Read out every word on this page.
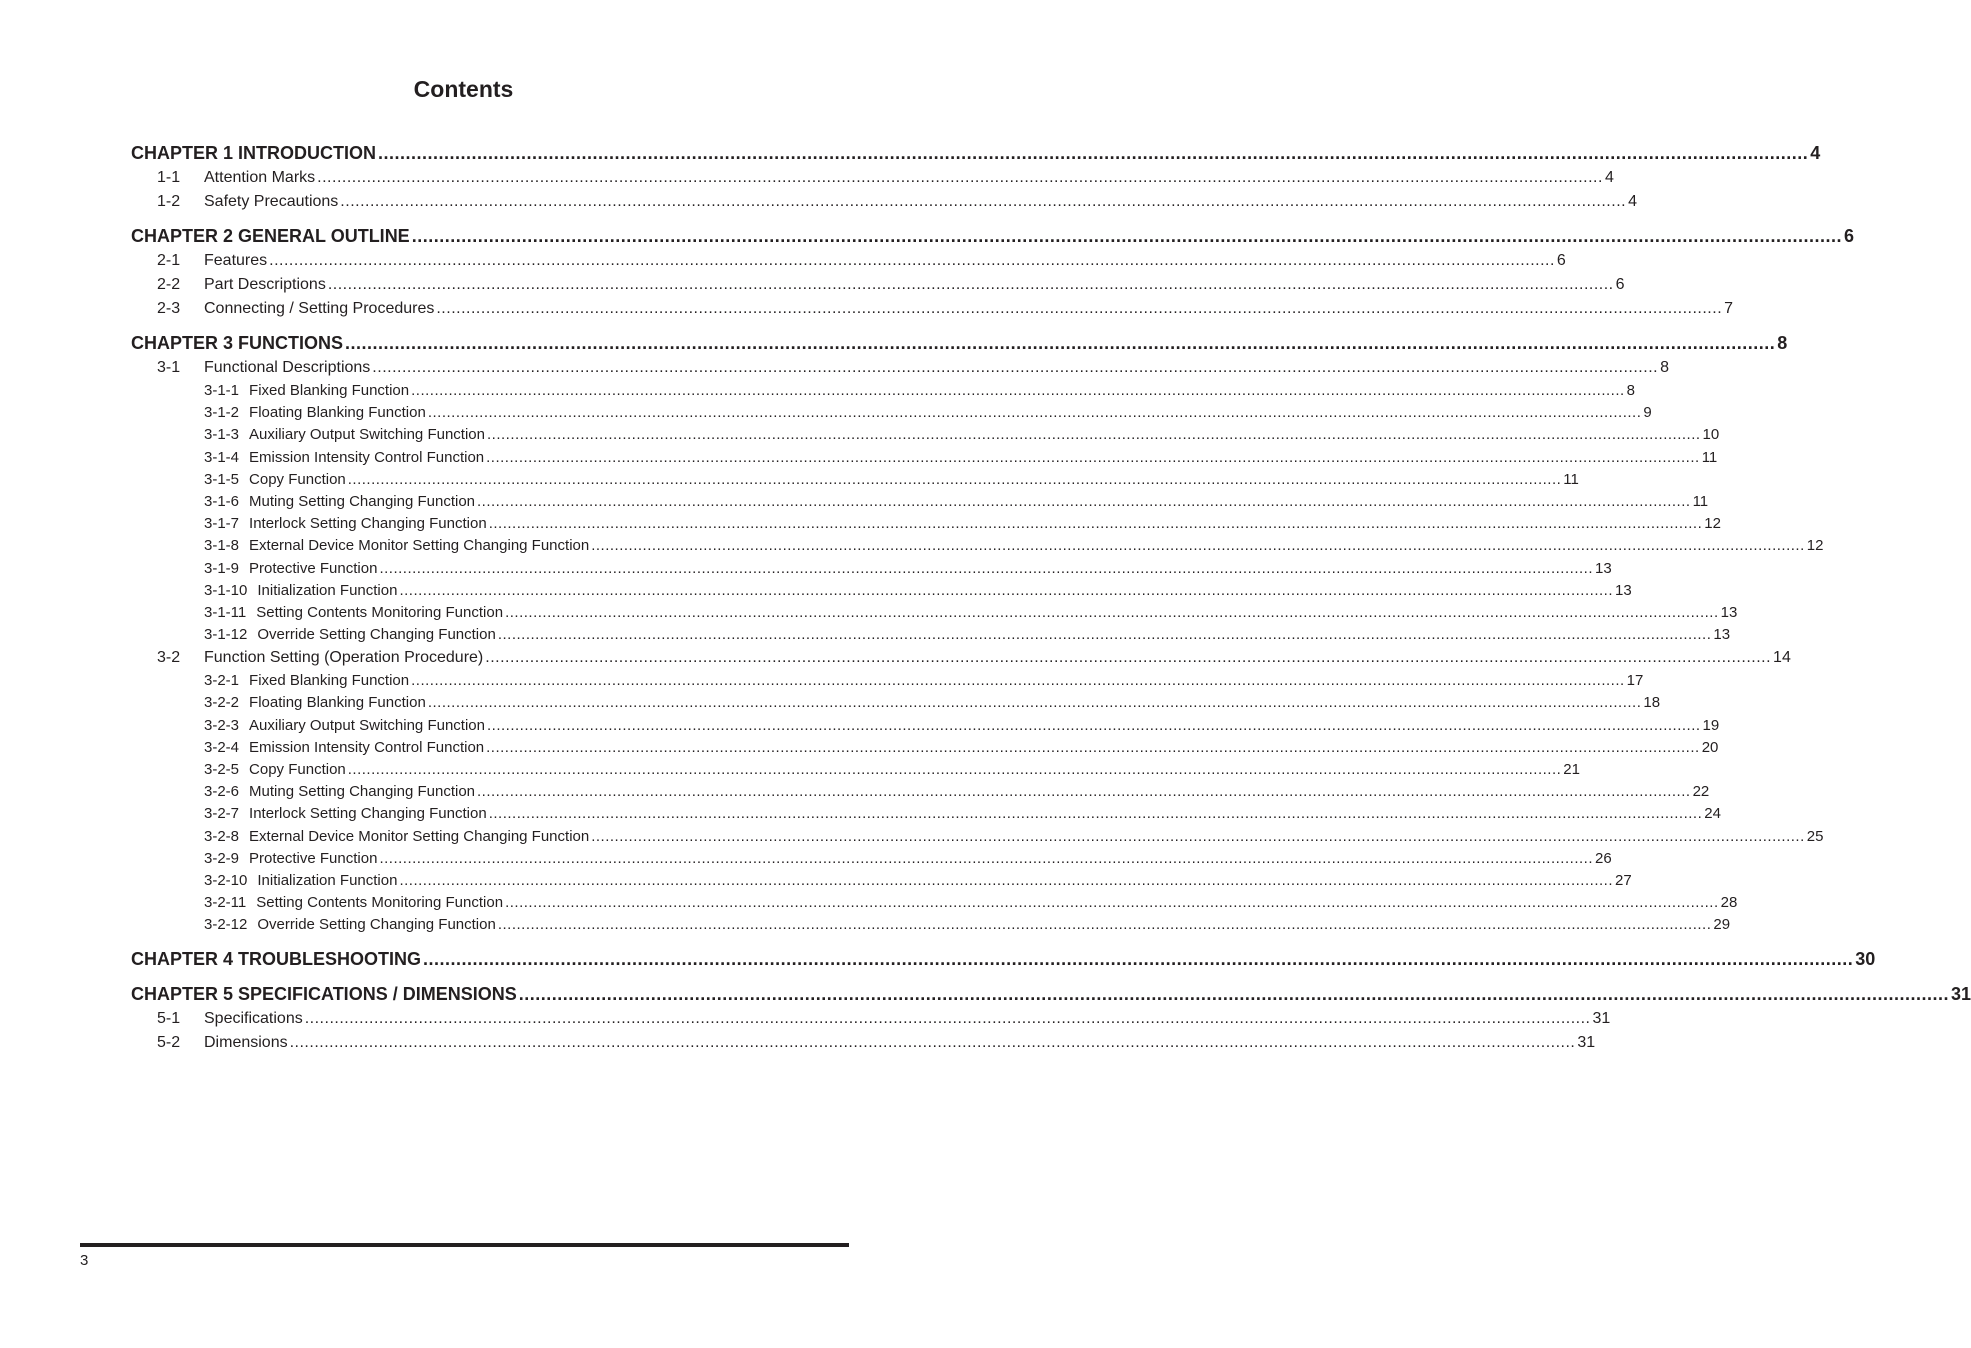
Contents
CHAPTER 1 INTRODUCTION .................................................................................................................................................................................................................................................................... 4
1-1	Attention Marks .................................................................................................................................................................................................................................................................... 4
1-2	Safety Precautions .................................................................................................................................................................................................................................................................... 4
CHAPTER 2 GENERAL OUTLINE .................................................................................................................................................................................................................................................................... 6
2-1	Features .................................................................................................................................................................................................................................................................... 6
2-2	Part Descriptions .................................................................................................................................................................................................................................................................... 6
2-3	Connecting / Setting Procedures .................................................................................................................................................................................................................................................................... 7
CHAPTER 3 FUNCTIONS .................................................................................................................................................................................................................................................................... 8
3-1	Functional Descriptions .................................................................................................................................................................................................................................................................... 8
3-1-1 Fixed Blanking Function .................................................................................................................................................................................................................................................................... 8
3-1-2 Floating Blanking Function .................................................................................................................................................................................................................................................................... 9
3-1-3 Auxiliary Output Switching Function .................................................................................................................................................................................................................................................................... 10
3-1-4 Emission Intensity Control Function .................................................................................................................................................................................................................................................................... 11
3-1-5 Copy Function .................................................................................................................................................................................................................................................................... 11
3-1-6 Muting Setting Changing Function .................................................................................................................................................................................................................................................................... 11
3-1-7 Interlock Setting Changing Function .................................................................................................................................................................................................................................................................... 12
3-1-8 External Device Monitor Setting Changing Function .................................................................................................................................................................................................................................................................... 12
3-1-9 Protective Function .................................................................................................................................................................................................................................................................... 13
3-1-10 Initialization Function .................................................................................................................................................................................................................................................................... 13
3-1-11 Setting Contents Monitoring Function .................................................................................................................................................................................................................................................................... 13
3-1-12 Override Setting Changing Function .................................................................................................................................................................................................................................................................... 13
3-2	Function Setting (Operation Procedure) .................................................................................................................................................................................................................................................................... 14
3-2-1 Fixed Blanking Function .................................................................................................................................................................................................................................................................... 17
3-2-2 Floating Blanking Function .................................................................................................................................................................................................................................................................... 18
3-2-3 Auxiliary Output Switching Function .................................................................................................................................................................................................................................................................... 19
3-2-4 Emission Intensity Control Function .................................................................................................................................................................................................................................................................... 20
3-2-5 Copy Function .................................................................................................................................................................................................................................................................... 21
3-2-6 Muting Setting Changing Function .................................................................................................................................................................................................................................................................... 22
3-2-7 Interlock Setting Changing Function .................................................................................................................................................................................................................................................................... 24
3-2-8 External Device Monitor Setting Changing Function .................................................................................................................................................................................................................................................................... 25
3-2-9 Protective Function .................................................................................................................................................................................................................................................................... 26
3-2-10 Initialization Function .................................................................................................................................................................................................................................................................... 27
3-2-11 Setting Contents Monitoring Function .................................................................................................................................................................................................................................................................... 28
3-2-12 Override Setting Changing Function .................................................................................................................................................................................................................................................................... 29
CHAPTER 4 TROUBLESHOOTING .................................................................................................................................................................................................................................................................... 30
CHAPTER 5 SPECIFICATIONS / DIMENSIONS .................................................................................................................................................................................................................................................................... 31
5-1	Specifications .................................................................................................................................................................................................................................................................... 31
5-2	Dimensions .................................................................................................................................................................................................................................................................... 31
3
